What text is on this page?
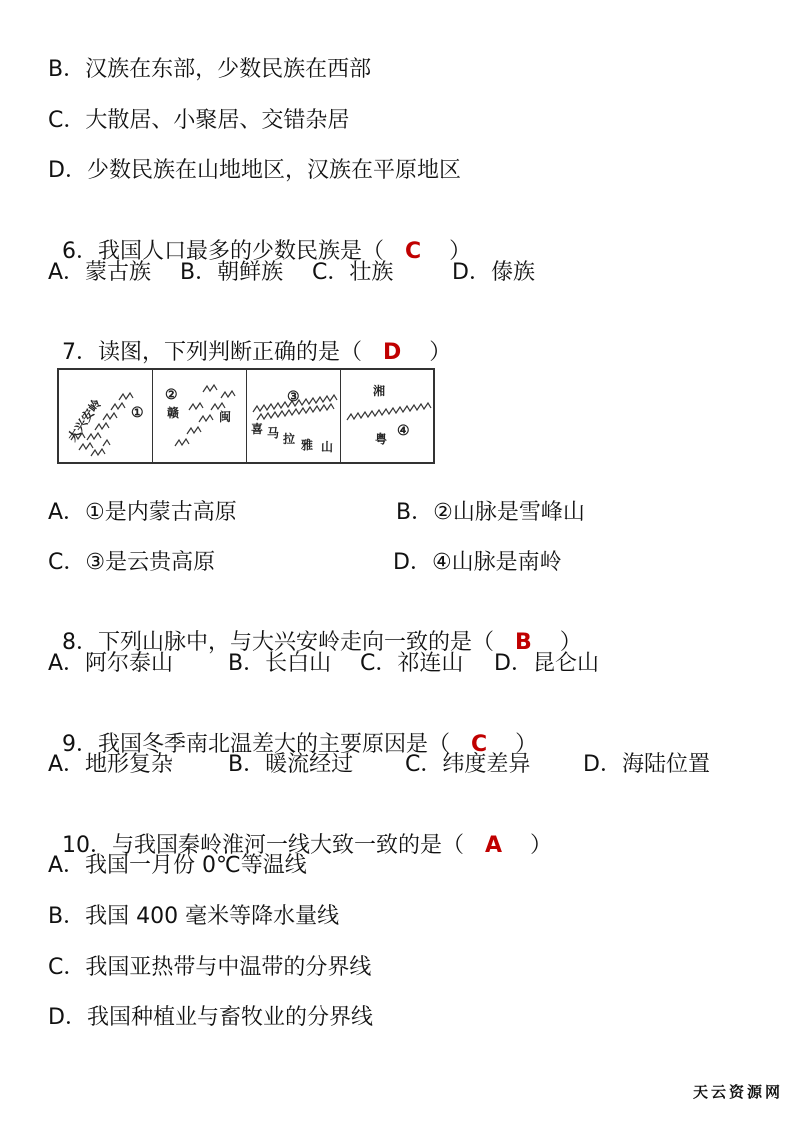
B．汉族在东部，少数民族在西部
C．大散居、小聚居、交错杂居
D．少数民族在山地地区，汉族在平原地区

6．我国人口最多的少数民族是（ C ）

A．蒙古族 B．朝鲜族 C．壮族	D．傣族

7．读图，下列判断正确的是（ D ）

大兴安岭	①
②
赣	闽
③
喜 马 拉 雅 山
湘
粤 ④
A．①是内蒙古高原	B．②山脉是雪峰山
C．③是云贵高原	D．④山脉是南岭

8．下列山脉中，与大兴安岭走向一致的是（ B ）

A．阿尔泰山 B．长白山 C．祁连山 D．昆仑山

9．我国冬季南北温差大的主要原因是（ C ）

A．地形复杂 B．暖流经过 C．纬度差异 D．海陆位置

10．与我国秦岭淮河一线大致一致的是（ A ）

A．我国一月份 0℃等温线
B．我国 400 毫米等降水量线
C．我国亚热带与中温带的分界线
D．我国种植业与畜牧业的分界线
天云资源网
